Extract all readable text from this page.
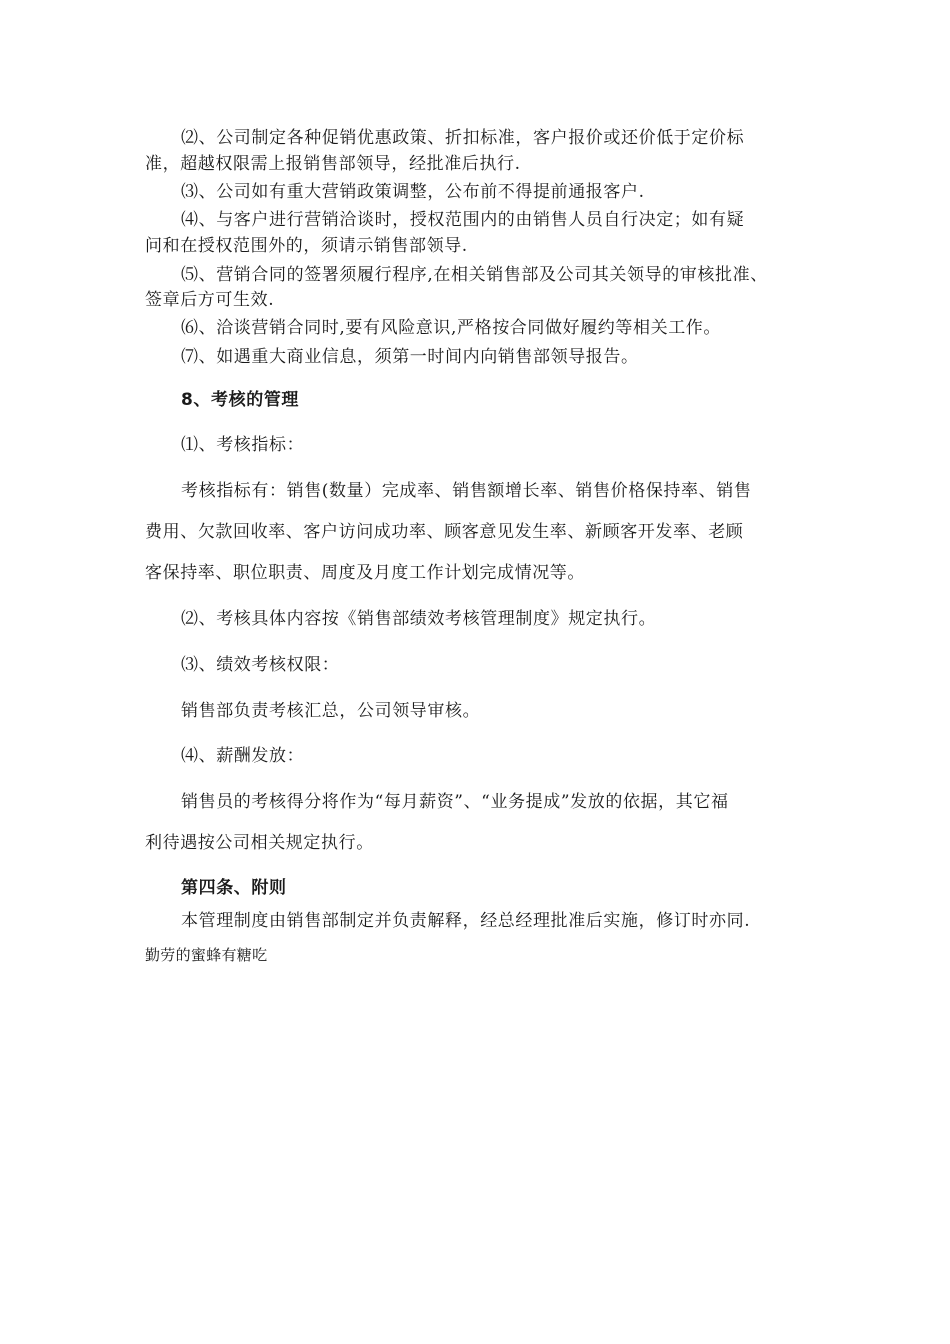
⑵、公司制定各种促销优惠政策、折扣标准，客户报价或还价低于定价标
准，超越权限需上报销售部领导，经批准后执行.
⑶、公司如有重大营销政策调整，公布前不得提前通报客户.
⑷、与客户进行营销洽谈时，授权范围内的由销售人员自行决定；如有疑
问和在授权范围外的，须请示销售部领导.
⑸、营销合同的签署须履行程序,在相关销售部及公司其关领导的审核批准、
签章后方可生效.
⑹、洽谈营销合同时,要有风险意识,严格按合同做好履约等相关工作。
⑺、如遇重大商业信息，须第一时间内向销售部领导报告。
8、考核的管理
⑴、考核指标：
考核指标有：销售(数量）完成率、销售额增长率、销售价格保持率、销售
费用、欠款回收率、客户访问成功率、顾客意见发生率、新顾客开发率、老顾
客保持率、职位职责、周度及月度工作计划完成情况等。
⑵、考核具体内容按《销售部绩效考核管理制度》规定执行。
⑶、绩效考核权限：
销售部负责考核汇总，公司领导审核。
⑷、薪酬发放：
销售员的考核得分将作为“每月薪资”、“业务提成”发放的依据，其它福
利待遇按公司相关规定执行。
第四条、附则
本管理制度由销售部制定并负责解释，经总经理批准后实施，修订时亦同.
勤劳的蜜蜂有糖吃
